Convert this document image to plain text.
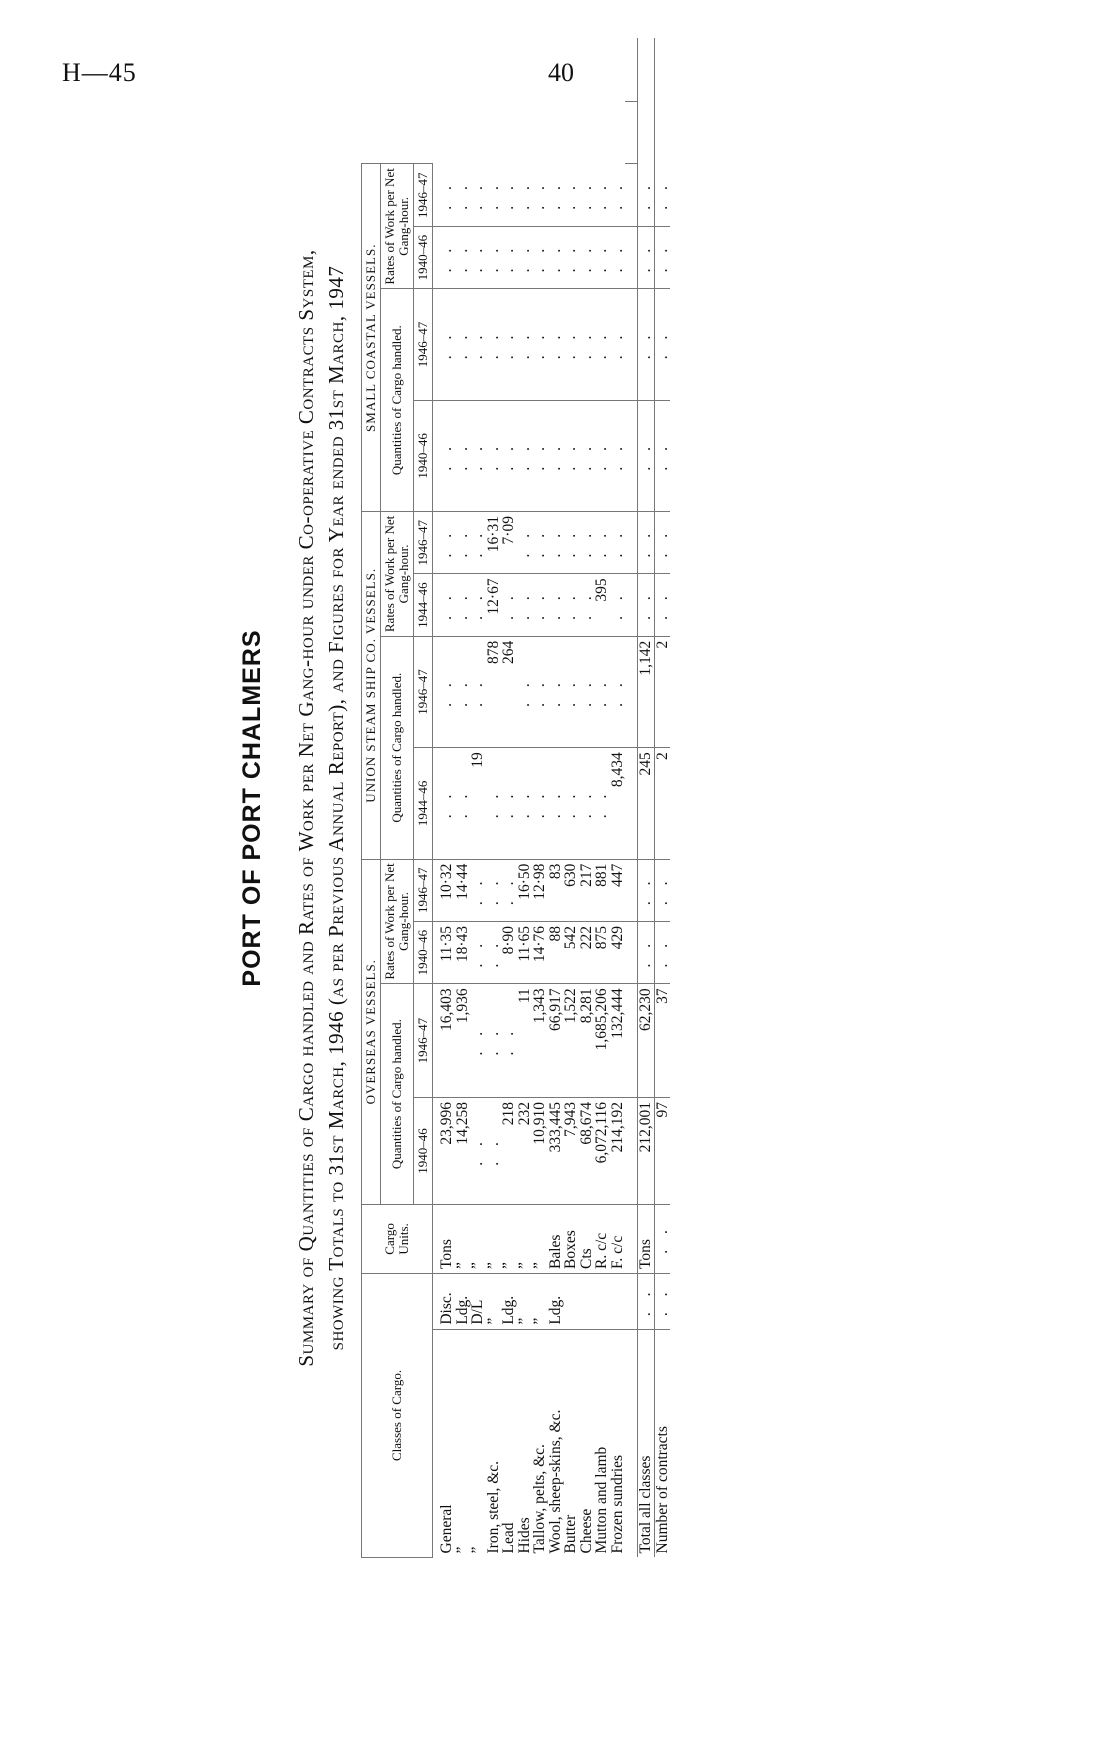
H—45	40
PORT OF PORT CHALMERS Summary of Quantities of Cargo handled and Rates of Work per Net Gang-hour under Co-operative Contracts System, showing Totals to 31st March, 1946 (as per Previous Annual Report), and Figures for Year ended 31st March, 1947
Classes of Cargo.		Cargo Units.	OVERSEAS VESSELS.				UNION STEAM SHIP CO. VESSELS.				SMALL COASTAL VESSELS.					
			Quantities of Cargo handled.		Rates of Work per Net Gang-hour.		Quantities of Cargo handled.		Rates of Work per Net Gang-hour.		Quantities of Cargo handled.		Rates of Work per Net Gang-hour.			
			1940–46	1946–47	1940–46	1946–47	1944–46	1946–47	1944–46	1946–47	1940–46	1946–47	1940–46	1946–47		
General	Disc.	Tons	23,996	16,403	11·35	10·32	. .	. .	. .	. .	. .	. .	. .	. .		
”	Ldg.	”	14,258	1,936	18·43	14·44	. .	. .	. .	. .	. .	. .	. .	. .		
”	D/L	”	. .	. .	. .	. .	19	. .	. .	. .	. .	. .	. .	. .		
Iron, steel, &c.	”	”	. .	. .	. .	. .	. .	878	12·67	16·31	. .	. .	. .	. .		
Lead	Ldg.	”	218	. .	8·90	. .	. .	264	. .	7·09	. .	. .	. .	. .		
Hides	”	”	232	11	11·65	16·50	. .	. .	. .	. .	. .	. .	. .	. .		
Tallow, pelts, &c.	”	”	10,910	1,343	14·76	12·98	. .	. .	. .	. .	. .	. .	. .	. .		
Wool, sheep-skins, &c.	Ldg.	Bales	333,445	66,917	88	83	. .	. .	. .	. .	. .	. .	. .	. .		
Butter		Boxes	7,943	1,522	542	630	. .	. .	. .	. .	. .	. .	. .	. .		
Cheese		Cts	68,674	8,281	222	217	. .	. .	. .	. .	. .	. .	. .	. .		
Mutton and lamb		R. c/c	6,072,116	1,685,206	875	881	. .	. .	395	. .	. .	. .	. .	. .		
Frozen sundries		F. c/c	214,192	132,444	429	447	8,434	. .	. .	. .	. .	. .	. .	. .		

Total all classes	. .	Tons	212,001	62,230	. .	. .	245	1,142	. .	. .	. .	. .	. .	. .		
Number of contracts	. .	. .	97	37	. .	. .	2	2	. .	. .	. .	. .	. .	. .		
